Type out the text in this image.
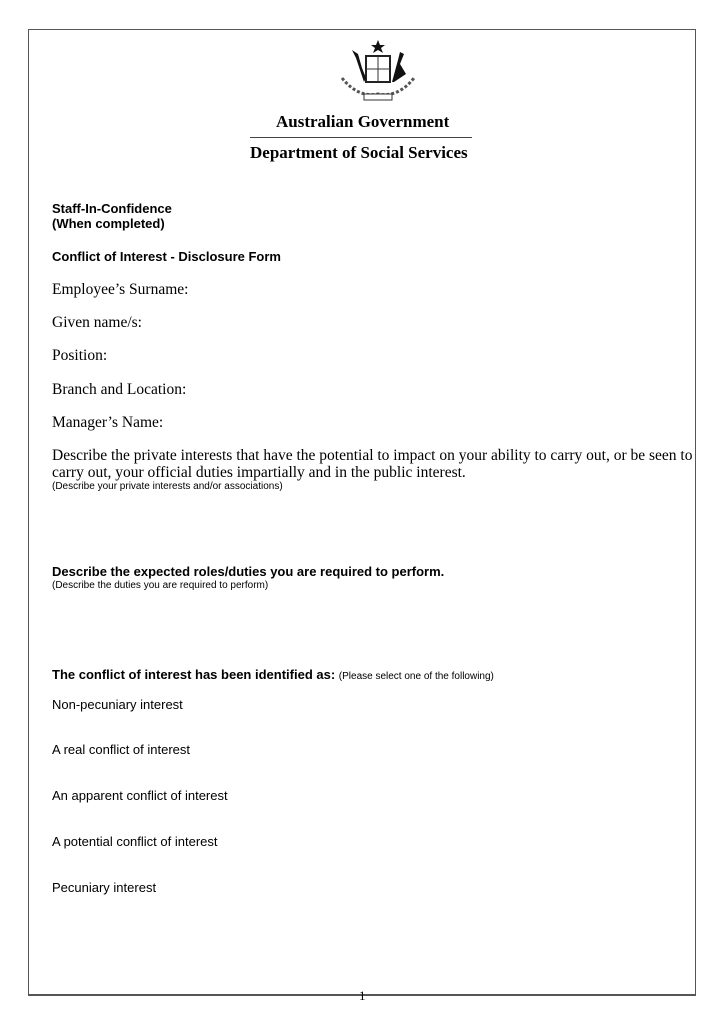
Australian Government
Department of Social Services
Staff-In-Confidence
(When completed)
Conflict of Interest - Disclosure Form
Employee’s Surname:
Given name/s:
Position:
Branch and Location:
Manager’s Name:
Describe the private interests that have the potential to impact on your ability to carry out, or be seen to
carry out, your official duties impartially and in the public interest.
(Describe your private interests and/or associations)
Describe the expected roles/duties you are required to perform.
(Describe the duties you are required to perform)
The conflict of interest has been identified as: (Please select one of the following)
Non-pecuniary interest
A real conflict of interest
An apparent conflict of interest
A potential conflict of interest
Pecuniary interest
1
